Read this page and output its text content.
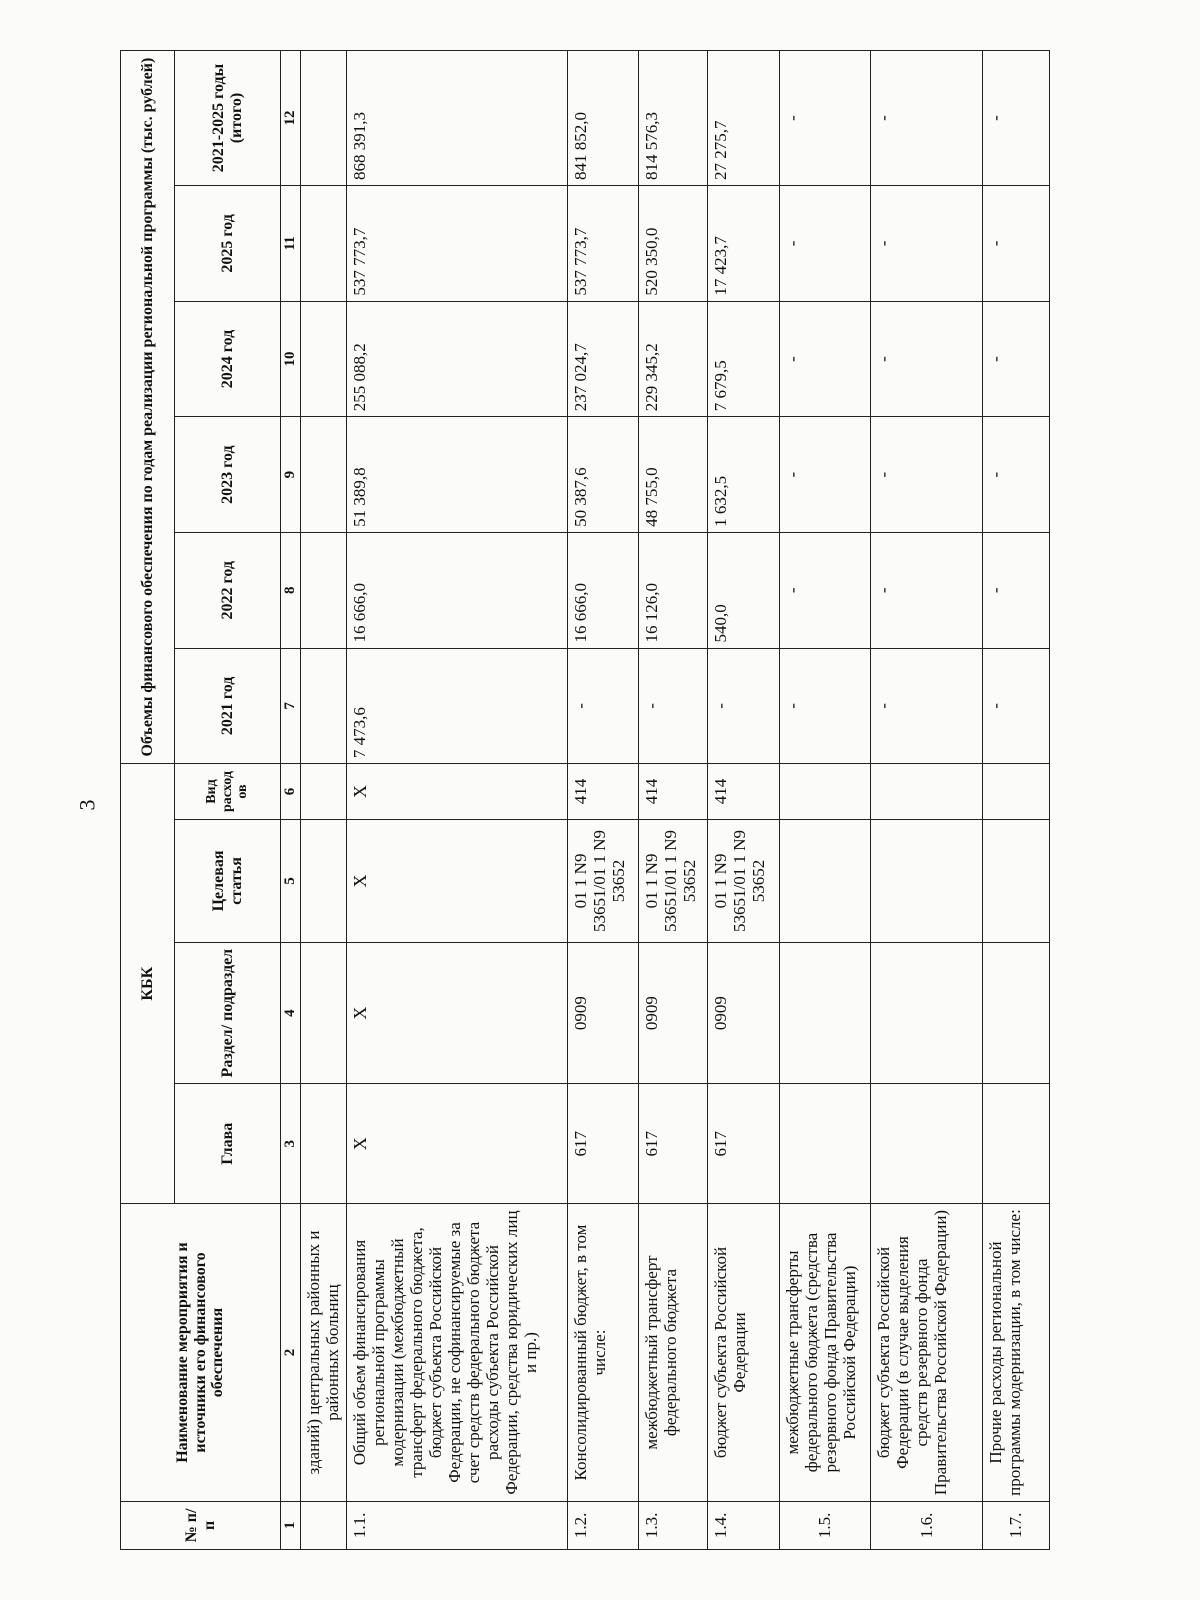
3
№ п/п	Наименование мероприятия и источники его финансового обеспечения	КБК				Объемы финансового обеспечения по годам реализации региональной программы (тыс. рублей)					
		Глава	Раздел/ подраздел	Целевая статья	Вид расходов	2021 год	2022 год	2023 год	2024 год	2025 год	2021-2025 годы (итого)
1	2	3	4	5	6	7	8	9	10	11	12
	зданий) центральных районных и районных больниц										
1.1.	Общий объем финансирования региональной программы модернизации (межбюджетный трансферт федерального бюджета, бюджет субъекта Российской Федерации, не софинансируемые за счет средств федерального бюджета расходы субъекта Российской Федерации, средства юридических лиц и пр.)	X	X	X	X	7 473,6	16 666,0	51 389,8	255 088,2	537 773,7	868 391,3
1.2.	Консолидированный бюджет, в том числе:	617	0909	01 1 N9 53651/01 1 N9 53652	414	-	16 666,0	50 387,6	237 024,7	537 773,7	841 852,0
1.3.	межбюджетный трансферт федерального бюджета	617	0909	01 1 N9 53651/01 1 N9 53652	414	-	16 126,0	48 755,0	229 345,2	520 350,0	814 576,3
1.4.	бюджет субъекта Российской Федерации	617	0909	01 1 N9 53651/01 1 N9 53652	414	-	540,0	1 632,5	7 679,5	17 423,7	27 275,7
1.5.	межбюджетные трансферты федерального бюджета (средства резервного фонда Правительства Российской Федерации)					-	-	-	-	-	-
1.6.	бюджет субъекта Российской Федерации (в случае выделения средств резервного фонда Правительства Российской Федерации)					-	-	-	-	-	-
1.7.	Прочие расходы региональной программы модернизации, в том числе:					-	-	-	-	-	-
